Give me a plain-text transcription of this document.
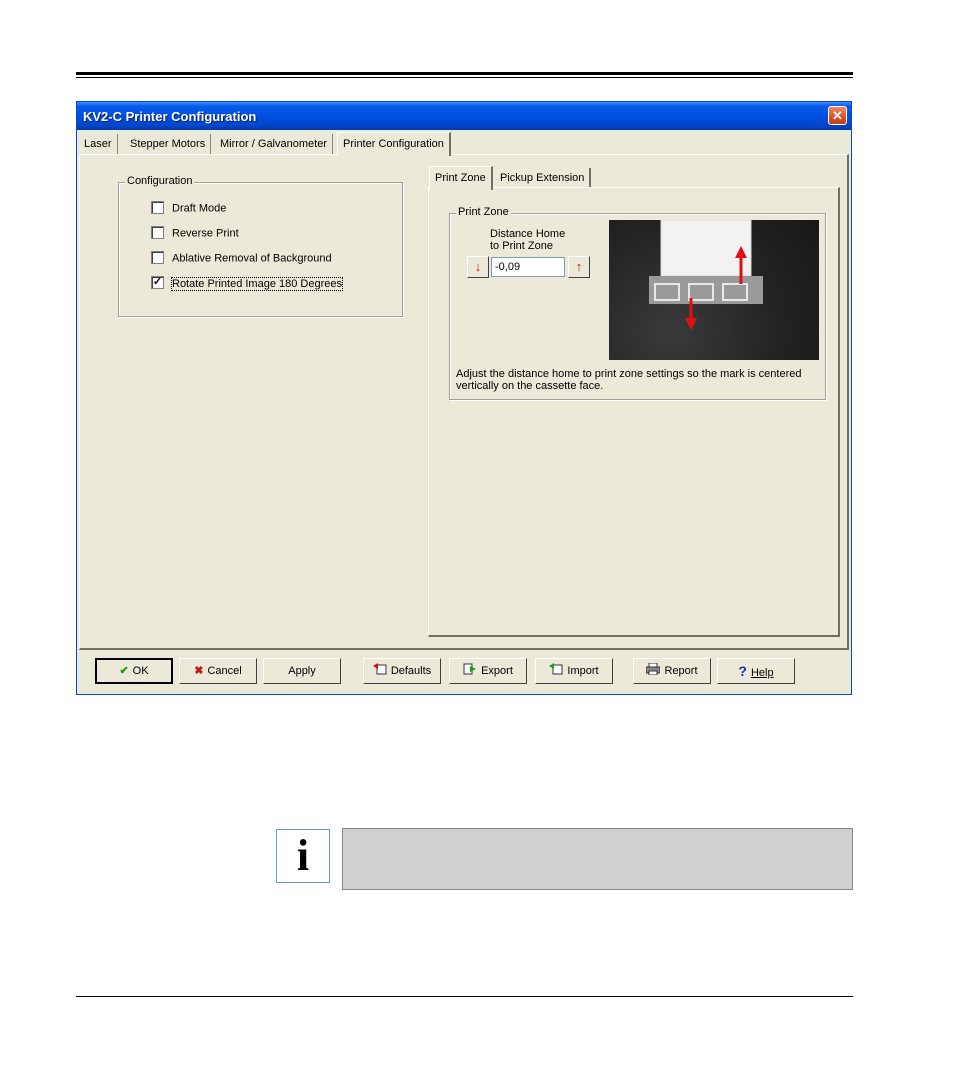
KV2-C Printer Configuration	✕
Laser	Stepper Motors	Mirror / Galvanometer	Printer Configuration
Configuration
Draft Mode
Reverse Print
Ablative Removal of Background
✓ Rotate Printed Image 180 Degrees
Print Zone	Pickup Extension
Print Zone
Distance Home
to Print Zone
↓
-0,09	↑
Adjust the distance home to print zone settings so the mark is centered
vertically on the cassette face.
✔ OK	✖ Cancel	Apply	Defaults	Export	Import	Report	? Help
i
